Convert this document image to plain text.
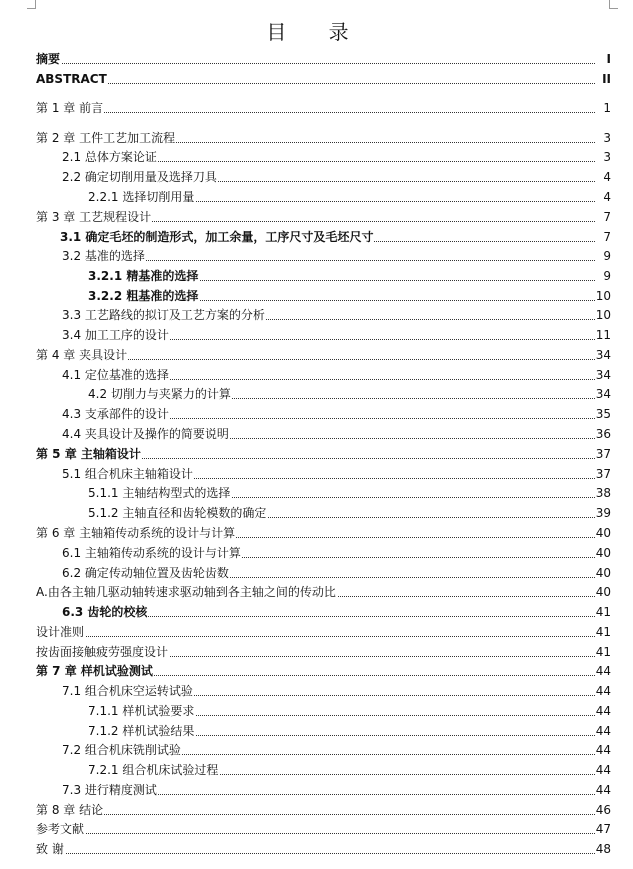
目 录
摘要	I
ABSTRACT	II
第 1 章 前言	1
第 2 章 工件工艺加工流程	3
2.1 总体方案论证	3
2.2 确定切削用量及选择刀具	4
2.2.1 选择切削用量	4
第 3 章 工艺规程设计	7
3.1 确定毛坯的制造形式，加工余量，工序尺寸及毛坯尺寸	7
3.2 基准的选择	9
3.2.1 精基准的选择	9
3.2.2 粗基准的选择	10
3.3 工艺路线的拟订及工艺方案的分析	10
3.4 加工工序的设计	11
第 4 章 夹具设计	34
4.1 定位基准的选择	34
4.2 切削力与夹紧力的计算	34
4.3 支承部件的设计	35
4.4 夹具设计及操作的简要说明	36
第 5 章 主轴箱设计	37
5.1 组合机床主轴箱设计	37
5.1.1 主轴结构型式的选择	38
5.1.2 主轴直径和齿轮模数的确定	39
第 6 章 主轴箱传动系统的设计与计算	40
6.1 主轴箱传动系统的设计与计算	40
6.2 确定传动轴位置及齿轮齿数	40
A.由各主轴几驱动轴转速求驱动轴到各主轴之间的传动比	40
6.3 齿轮的校核	41
设计准则	41
按齿面接触疲劳强度设计	41
第 7 章 样机试验测试	44
7.1 组合机床空运转试验	44
7.1.1 样机试验要求	44
7.1.2 样机试验结果	44
7.2 组合机床铣削试验	44
7.2.1 组合机床试验过程	44
7.3 进行精度测试	44
第 8 章 结论	46
参考文献	47
致 谢	48
